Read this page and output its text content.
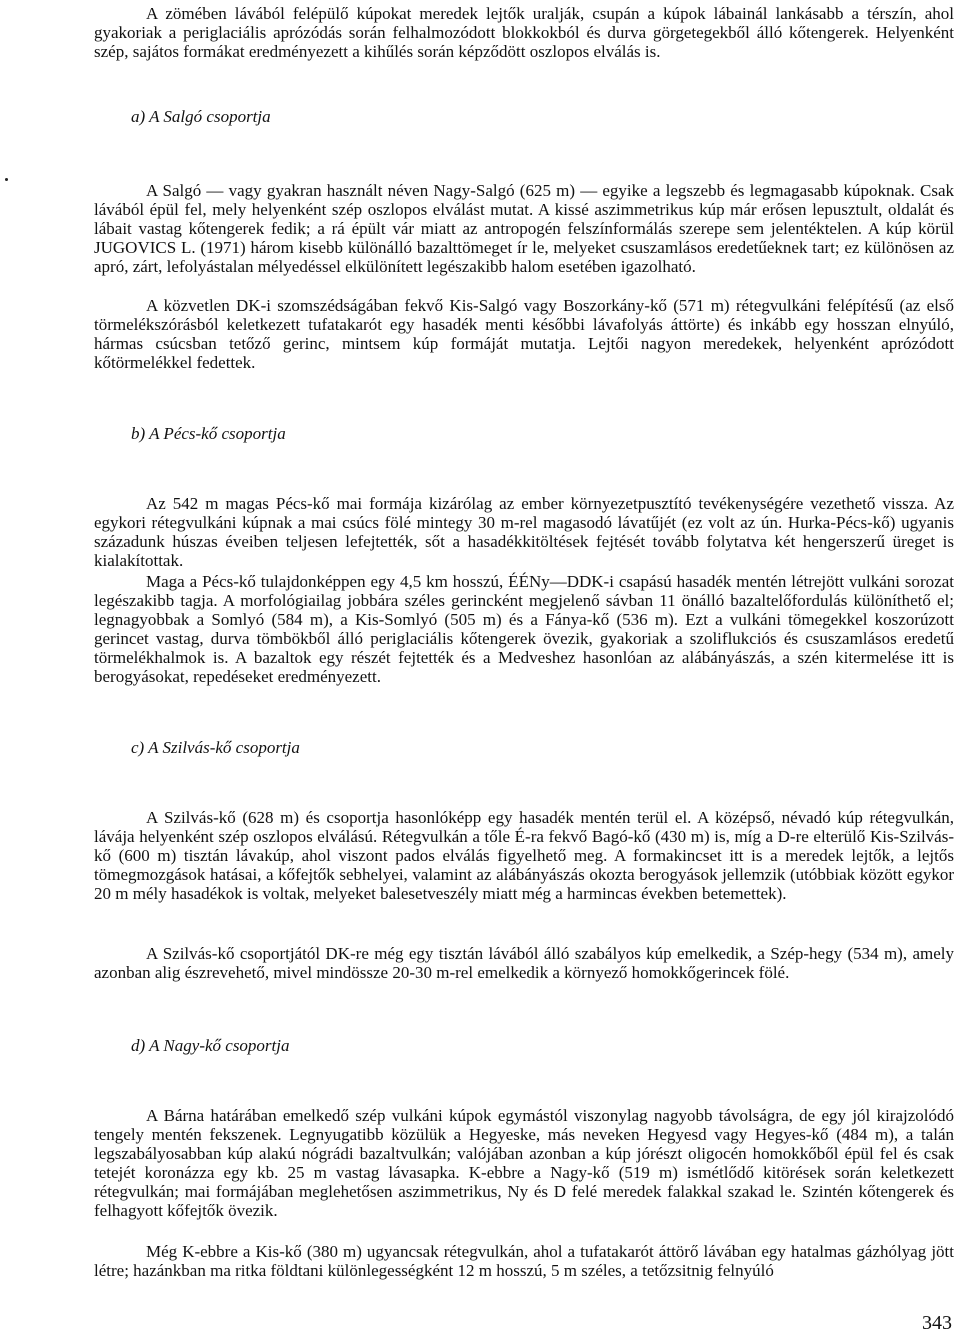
A zömében lávából felépülő kúpokat meredek lejtők uralják, csupán a kúpok lábainál lankásabb a térszín, ahol gyakoriak a periglaciális aprózódás során felhalmozódott blokkokból és durva görgetegekből álló kőtengerek. Helyenként szép, sajátos formákat eredményezett a kihűlés során képződött oszlopos elválás is.

a) A Salgó csoportja

A Salgó — vagy gyakran használt néven Nagy-Salgó (625 m) — egyike a legszebb és legmagasabb kúpoknak. Csak lávából épül fel, mely helyenként szép oszlopos elválást mutat. A kissé aszimmetrikus kúp már erősen lepusztult, oldalát és lábait vastag kőtengerek fedik; a rá épült vár miatt az antropogén felszínformálás szerepe sem jelentéktelen. A kúp körül JUGOVICS L. (1971) három kisebb különálló bazalttömeget ír le, melyeket csuszamlásos eredetűeknek tart; ez különösen az apró, zárt, lefolyástalan mélyedéssel elkülönített legészakibb halom esetében igazolható.

A közvetlen DK-i szomszédságában fekvő Kis-Salgó vagy Boszorkány-kő (571 m) rétegvulkáni felépítésű (az első törmelékszórásból keletkezett tufatakarót egy hasadék menti későbbi lávafolyás áttörte) és inkább egy hosszan elnyúló, hármas csúcsban tetőző gerinc, mintsem kúp formáját mutatja. Lejtői nagyon meredekek, helyenként aprózódott kőtörmelékkel fedettek.

b) A Pécs-kő csoportja

Az 542 m magas Pécs-kő mai formája kizárólag az ember környezetpusztító tevékenységére vezethető vissza. Az egykori rétegvulkáni kúpnak a mai csúcs fölé mintegy 30 m-rel magasodó lávatűjét (ez volt az ún. Hurka-Pécs-kő) ugyanis századunk húszas éveiben teljesen lefejtették, sőt a hasadékkitöltések fejtését tovább folytatva két hengerszerű üreget is kialakítottak.

Maga a Pécs-kő tulajdonképpen egy 4,5 km hosszú, ÉÉNy—DDK-i csapású hasadék mentén létrejött vulkáni sorozat legészakibb tagja. A morfológiailag jobbára széles gerincként megjelenő sávban 11 önálló bazaltelőfordulás különíthető el; legnagyobbak a Somlyó (584 m), a Kis-Somlyó (505 m) és a Fánya-kő (536 m). Ezt a vulkáni tömegekkel koszorúzott gerincet vastag, durva tömbökből álló periglaciális kőtengerek övezik, gyakoriak a szoliflukciós és csuszamlásos eredetű törmelékhalmok is. A bazaltok egy részét fejtették és a Medveshez hasonlóan az alábányászás, a szén kitermelése itt is berogyásokat, repedéseket eredményezett.

c) A Szilvás-kő csoportja

A Szilvás-kő (628 m) és csoportja hasonlóképp egy hasadék mentén terül el. A középső, névadó kúp rétegvulkán, lávája helyenként szép oszlopos elválású. Rétegvulkán a tőle É-ra fekvő Bagó-kő (430 m) is, míg a D-re elterülő Kis-Szilvás-kő (600 m) tisztán lávakúp, ahol viszont pados elválás figyelhető meg. A formakincset itt is a meredek lejtők, a lejtős tömegmozgások hatásai, a kőfejtők sebhelyei, valamint az alábányászás okozta berogyások jellemzik (utóbbiak között egykor 20 m mély hasadékok is voltak, melyeket balesetveszély miatt még a harmincas években betemettek).

A Szilvás-kő csoportjától DK-re még egy tisztán lávából álló szabályos kúp emelkedik, a Szép-hegy (534 m), amely azonban alig észrevehető, mivel mindössze 20-30 m-rel emelkedik a környező homokkőgerincek fölé.

d) A Nagy-kő csoportja

A Bárna határában emelkedő szép vulkáni kúpok egymástól viszonylag nagyobb távolságra, de egy jól kirajzolódó tengely mentén fekszenek. Legnyugatibb közülük a Hegyeske, más neveken Hegyesd vagy Hegyes-kő (484 m), a talán legszabályosabban kúp alakú nógrádi bazaltvulkán; valójában azonban a kúp jórészt oligocén homokkőből épül fel és csak tetejét koronázza egy kb. 25 m vastag lávasapka. K-ebbre a Nagy-kő (519 m) ismétlődő kitörések során keletkezett rétegvulkán; mai formájában meglehetősen aszimmetrikus, Ny és D felé meredek falakkal szakad le. Szintén kőtengerek és felhagyott kőfejtők övezik.

Még K-ebbre a Kis-kő (380 m) ugyancsak rétegvulkán, ahol a tufatakarót áttörő lávában egy hatalmas gázhólyag jött létre; hazánkban ma ritka földtani különlegességként 12 m hosszú, 5 m széles, a tetőzsitnig felnyúló

343
